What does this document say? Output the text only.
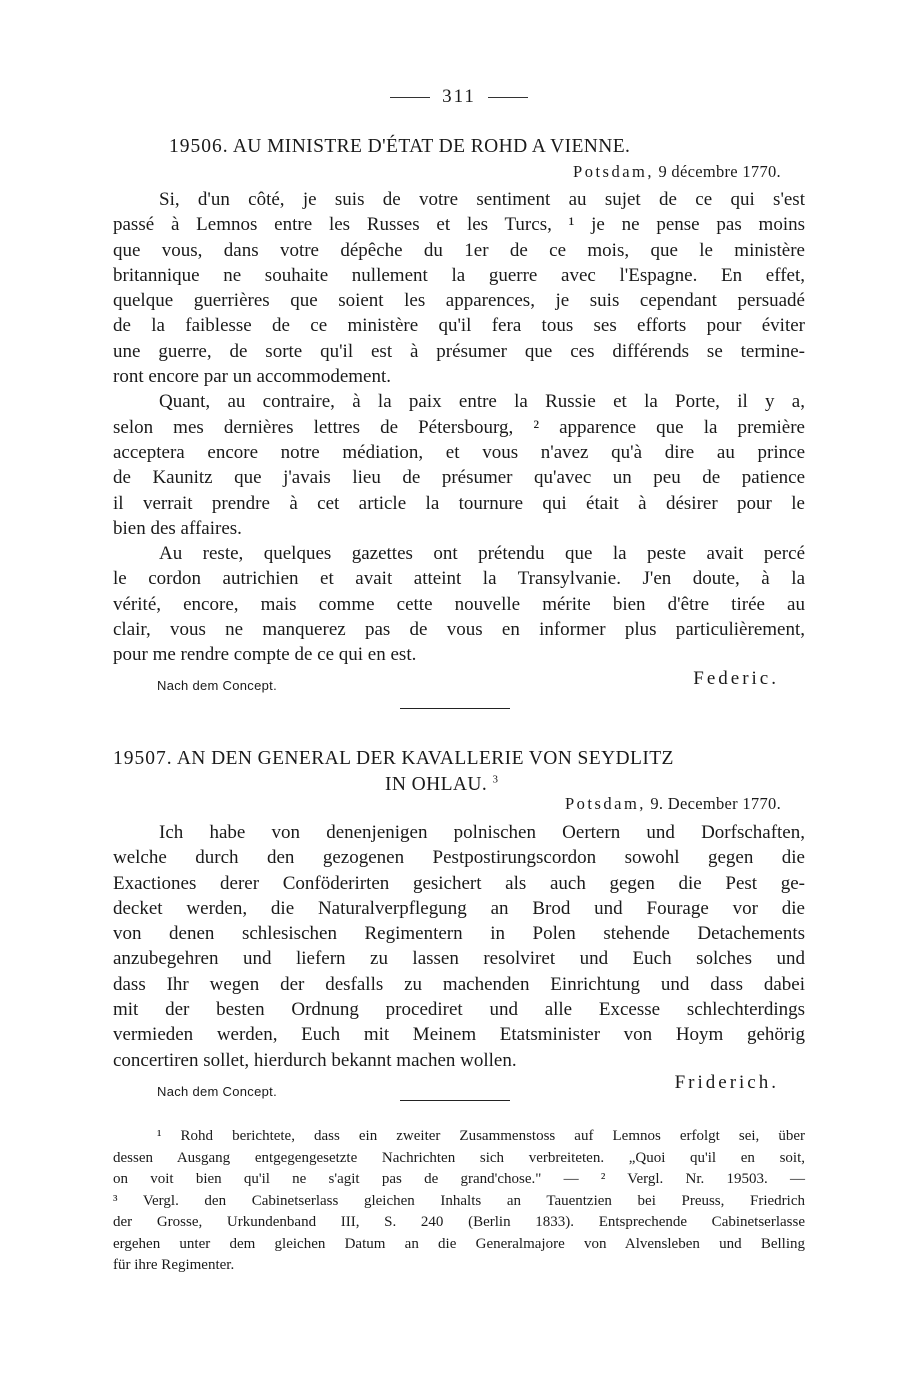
311
19506. AU MINISTRE D'ÉTAT DE ROHD A VIENNE.
Potsdam, 9 décembre 1770.
Si, d'un côté, je suis de votre sentiment au sujet de ce qui s'est
passé à Lemnos entre les Russes et les Turcs, ¹ je ne pense pas moins
que vous, dans votre dépêche du 1er de ce mois, que le ministère
britannique ne souhaite nullement la guerre avec l'Espagne. En effet,
quelque guerrières que soient les apparences, je suis cependant persuadé
de la faiblesse de ce ministère qu'il fera tous ses efforts pour éviter
une guerre, de sorte qu'il est à présumer que ces différends se termine-
ront encore par un accommodement.
Quant, au contraire, à la paix entre la Russie et la Porte, il y a,
selon mes dernières lettres de Pétersbourg, ² apparence que la première
acceptera encore notre médiation, et vous n'avez qu'à dire au prince
de Kaunitz que j'avais lieu de présumer qu'avec un peu de patience
il verrait prendre à cet article la tournure qui était à désirer pour le
bien des affaires.
Au reste, quelques gazettes ont prétendu que la peste avait percé
le cordon autrichien et avait atteint la Transylvanie. J'en doute, à la
vérité, encore, mais comme cette nouvelle mérite bien d'être tirée au
clair, vous ne manquerez pas de vous en informer plus particulièrement,
pour me rendre compte de ce qui en est.
Nach dem Concept.	Federic.
19507. AN DEN GENERAL DER KAVALLERIE VON SEYDLITZ
IN OHLAU. $^3$
Potsdam, 9. December 1770.
Ich habe von denenjenigen polnischen Oertern und Dorfschaften,
welche durch den gezogenen Pestpostirungscordon sowohl gegen die
Exactiones derer Conföderirten gesichert als auch gegen die Pest ge-
decket werden, die Naturalverpflegung an Brod und Fourage vor die
von denen schlesischen Regimentern in Polen stehende Detachements
anzubegehren und liefern zu lassen resolviret und Euch solches und
dass Ihr wegen der desfalls zu machenden Einrichtung und dass dabei
mit der besten Ordnung procediret und alle Excesse schlechterdings
vermieden werden, Euch mit Meinem Etatsminister von Hoym gehörig
concertiren sollet, hierdurch bekannt machen wollen.
Nach dem Concept.	Friderich.
¹ Rohd berichtete, dass ein zweiter Zusammenstoss auf Lemnos erfolgt sei, über
dessen Ausgang entgegengesetzte Nachrichten sich verbreiteten. „Quoi qu'il en soit,
on voit bien qu'il ne s'agit pas de grand'chose." — ² Vergl. Nr. 19503. —
³ Vergl. den Cabinetserlass gleichen Inhalts an Tauentzien bei Preuss, Friedrich
der Grosse, Urkundenband III, S. 240 (Berlin 1833). Entsprechende Cabinetserlasse
ergehen unter dem gleichen Datum an die Generalmajore von Alvensleben und Belling
für ihre Regimenter.
